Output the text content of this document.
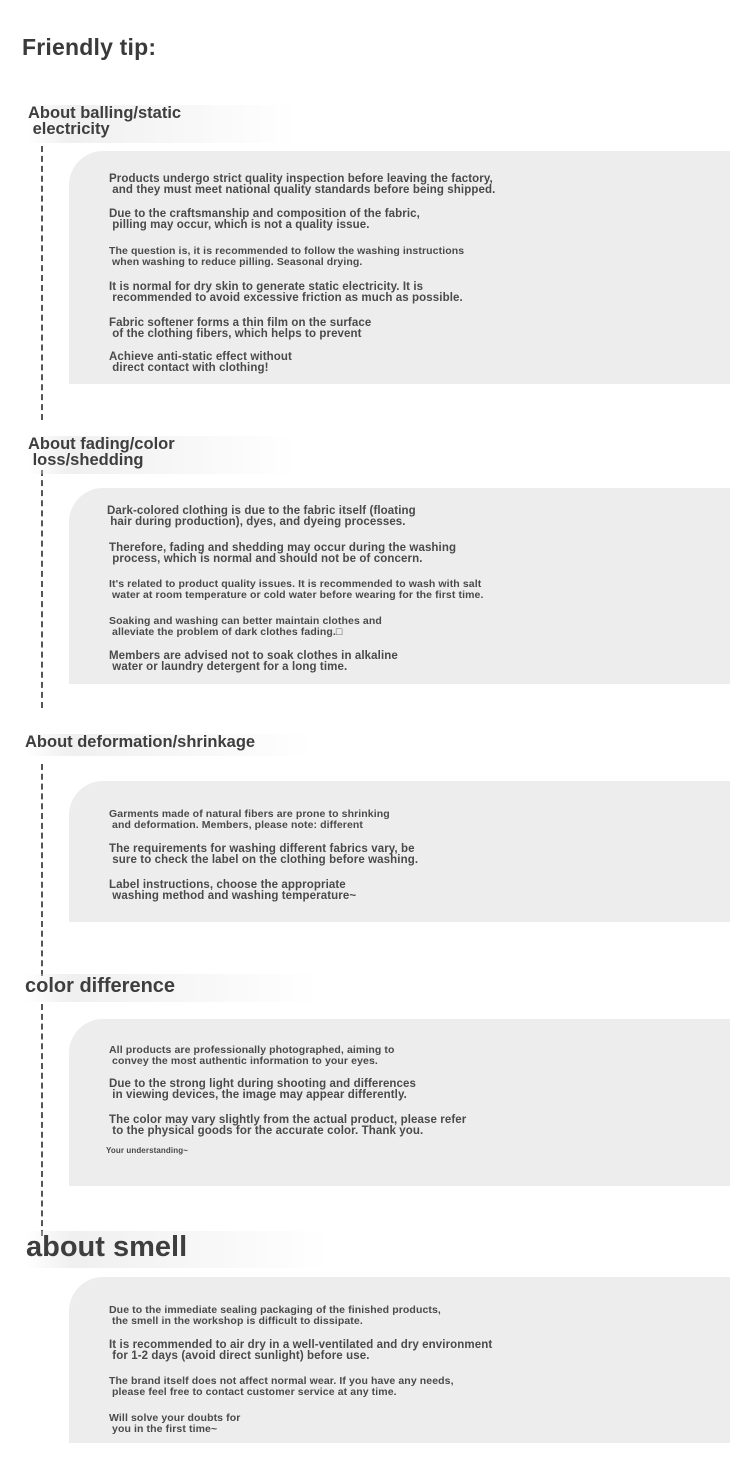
Friendly tip:
About balling/static
electricity
Products undergo strict quality inspection before leaving the factory,
and they must meet national quality standards before being shipped.
Due to the craftsmanship and composition of the fabric,
pilling may occur, which is not a quality issue.
The question is, it is recommended to follow the washing instructions
when washing to reduce pilling. Seasonal drying.
It is normal for dry skin to generate static electricity. It is
recommended to avoid excessive friction as much as possible.
Fabric softener forms a thin film on the surface
of the clothing fibers, which helps to prevent
Achieve anti-static effect without
direct contact with clothing!
About fading/color
loss/shedding
Dark-colored clothing is due to the fabric itself (floating
hair during production), dyes, and dyeing processes.
Therefore, fading and shedding may occur during the washing
process, which is normal and should not be of concern.
It's related to product quality issues. It is recommended to wash with salt
water at room temperature or cold water before wearing for the first time.
Soaking and washing can better maintain clothes and
alleviate the problem of dark clothes fading.□
Members are advised not to soak clothes in alkaline
water or laundry detergent for a long time.
About deformation/shrinkage
Garments made of natural fibers are prone to shrinking
and deformation. Members, please note: different
The requirements for washing different fabrics vary, be
sure to check the label on the clothing before washing.
Label instructions, choose the appropriate
washing method and washing temperature~
color difference
All products are professionally photographed, aiming to
convey the most authentic information to your eyes.
Due to the strong light during shooting and differences
in viewing devices, the image may appear differently.
The color may vary slightly from the actual product, please refer
to the physical goods for the accurate color. Thank you.
Your understanding~
about smell
Due to the immediate sealing packaging of the finished products,
the smell in the workshop is difficult to dissipate.
It is recommended to air dry in a well-ventilated and dry environment
for 1-2 days (avoid direct sunlight) before use.
The brand itself does not affect normal wear. If you have any needs,
please feel free to contact customer service at any time.
Will solve your doubts for
you in the first time~
